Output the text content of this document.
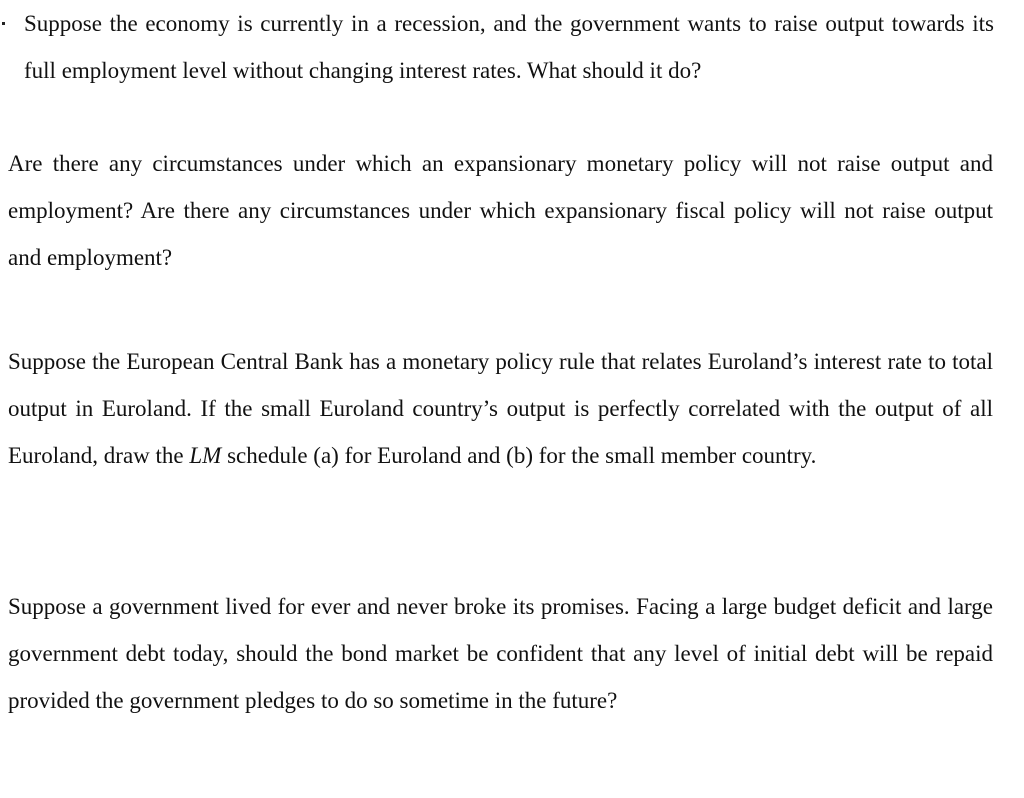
Suppose the economy is currently in a recession, and the government wants to raise output towards its full employment level without changing interest rates. What should it do?

Are there any circumstances under which an expansionary monetary policy will not raise output and employment? Are there any circumstances under which expansionary fiscal policy will not raise output and employment?

Suppose the European Central Bank has a monetary policy rule that relates Euroland’s interest rate to total output in Euroland. If the small Euroland country’s output is perfectly correlated with the output of all Euroland, draw the LM schedule (a) for Euroland and (b) for the small member country.

Suppose a government lived for ever and never broke its promises. Facing a large budget deficit and large government debt today, should the bond market be confident that any level of initial debt will be repaid provided the government pledges to do so sometime in the future?
